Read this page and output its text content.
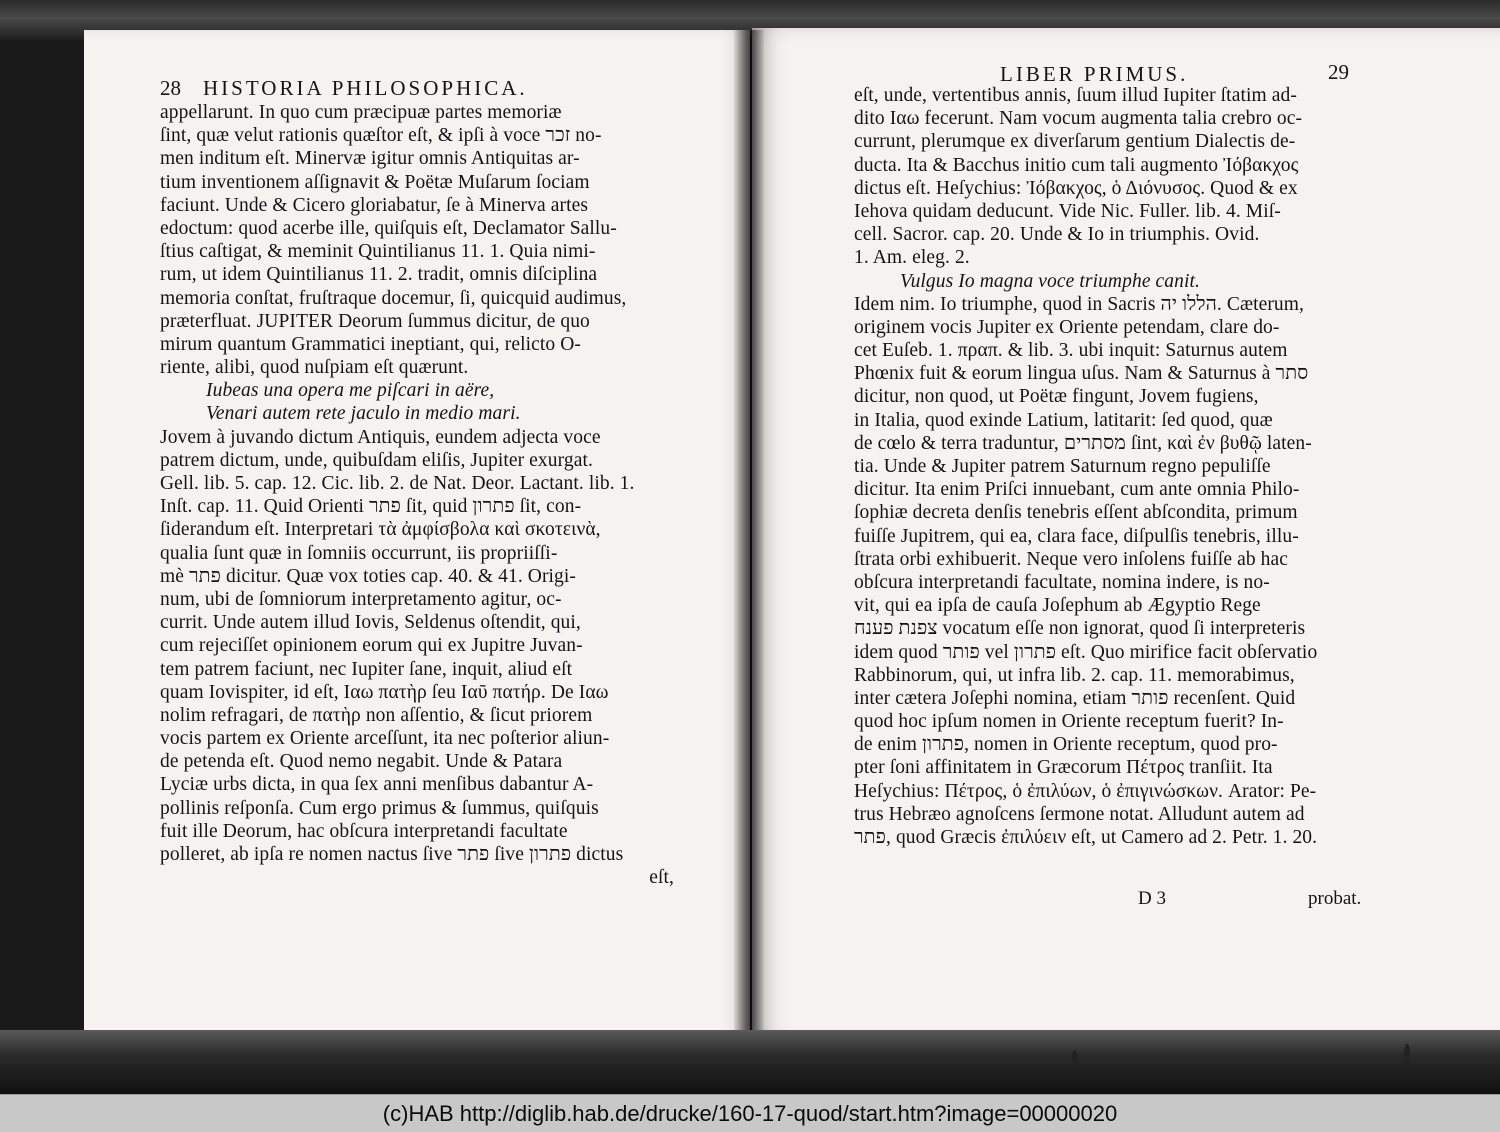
28 HISTORIA PHILOSOPHICA.
appellarunt. In quo cum præcipuæ partes memoriæ
ſint, quæ velut rationis quæſtor eſt, & ipſi à voce זכר no-
men inditum eſt. Minervæ igitur omnis Antiquitas ar-
tium inventionem aſſignavit & Poëtæ Muſarum ſociam
faciunt. Unde & Cicero gloriabatur, ſe à Minerva artes
edoctum: quod acerbe ille, quiſquis eſt, Declamator Sallu-
ſtius caſtigat, & meminit Quintilianus 11. 1. Quia nimi-
rum, ut idem Quintilianus 11. 2. tradit, omnis diſciplina
memoria conſtat, fruſtraque docemur, ſi, quicquid audimus,
præterfluat. JUPITER Deorum ſummus dicitur, de quo
mirum quantum Grammatici ineptiant, qui, relicto O-
riente, alibi, quod nuſpiam eſt quærunt.
Iubeas una opera me piſcari in aëre,
Venari autem rete jaculo in medio mari.
Jovem à juvando dictum Antiquis, eundem adjecta voce
patrem dictum, unde, quibuſdam eliſis, Jupiter exurgat.
Gell. lib. 5. cap. 12. Cic. lib. 2. de Nat. Deor. Lactant. lib. 1.
Inſt. cap. 11. Quid Orienti פתר ſit, quid פתרון ſit, con-
ſiderandum eſt. Interpretari τὰ ἀμφίσβολα καὶ σκοτεινὰ,
qualia ſunt quæ in ſomniis occurrunt, iis propriiſſi-
mè פתר dicitur. Quæ vox toties cap. 40. & 41. Origi-
num, ubi de ſomniorum interpretamento agitur, oc-
currit. Unde autem illud Iovis, Seldenus oſtendit, qui,
cum rejeciſſet opinionem eorum qui ex Jupitre Juvan-
tem patrem faciunt, nec Iupiter ſane, inquit, aliud eſt
quam Iovispiter, id eſt, Ιαω πατὴρ ſeu Ιαῦ πατήρ. De Ιαω
nolim refragari, de πατὴρ non aſſentio, & ſicut priorem
vocis partem ex Oriente arceſſunt, ita nec poſterior aliun-
de petenda eſt. Quod nemo negabit. Unde & Patara
Lyciæ urbs dicta, in qua ſex anni menſibus dabantur A-
pollinis reſponſa. Cum ergo primus & ſummus, quiſquis
fuit ille Deorum, hac obſcura interpretandi facultate
polleret, ab ipſa re nomen nactus ſive פתר ſive פתרון dictus
eſt,
LIBER PRIMUS.	29
eſt, unde, vertentibus annis, ſuum illud Iupiter ſtatim ad-
dito Ιαω fecerunt. Nam vocum augmenta talia crebro oc-
currunt, plerumque ex diverſarum gentium Dialectis de-
ducta. Ita & Bacchus initio cum tali augmento Ἰόβακχος
dictus eſt. Heſychius: Ἰόβακχος, ὁ Διόνυσος. Quod & ex
Iehova quidam deducunt. Vide Nic. Fuller. lib. 4. Miſ-
cell. Sacror. cap. 20. Unde & Io in triumphis. Ovid.
1. Am. eleg. 2.
Vulgus Io magna voce triumphe canit.
Idem nim. Io triumphe, quod in Sacris הללו יה. Cæterum,
originem vocis Jupiter ex Oriente petendam, clare do-
cet Euſeb. 1. πραπ. & lib. 3. ubi inquit: Saturnus autem
Phœnix fuit & eorum lingua uſus. Nam & Saturnus à סתר
dicitur, non quod, ut Poëtæ fingunt, Jovem fugiens,
in Italia, quod exinde Latium, latitarit: ſed quod, quæ
de cœlo & terra traduntur, מסתרים ſint, καὶ ἐν βυθῷ laten-
tia. Unde & Jupiter patrem Saturnum regno pepuliſſe
dicitur. Ita enim Priſci innuebant, cum ante omnia Philo-
ſophiæ decreta denſis tenebris eſſent abſcondita, primum
fuiſſe Jupitrem, qui ea, clara face, diſpulſis tenebris, illu-
ſtrata orbi exhibuerit. Neque vero inſolens fuiſſe ab hac
obſcura interpretandi facultate, nomina indere, is no-
vit, qui ea ipſa de cauſa Joſephum ab Ægyptio Rege
צפנת פענח vocatum eſſe non ignorat, quod ſi interpreteris
idem quod פותר vel פתרון eſt. Quo mirifice facit obſervatio
Rabbinorum, qui, ut infra lib. 2. cap. 11. memorabimus,
inter cætera Joſephi nomina, etiam פותר recenſent. Quid
quod hoc ipſum nomen in Oriente receptum fuerit? In-
de enim פתרון, nomen in Oriente receptum, quod pro-
pter ſoni affinitatem in Græcorum Πέτρος tranſiit. Ita
Heſychius: Πέτρος, ὁ ἐπιλύων, ὁ ἐπιγινώσκων. Arator: Pe-
trus Hebræo agnoſcens ſermone notat. Alludunt autem ad
פתר, quod Græcis ἐπιλύειν eſt, ut Camero ad 2. Petr. 1. 20.
D 3	probat.
(c)HAB http://diglib.hab.de/drucke/160-17-quod/start.htm?image=00000020
